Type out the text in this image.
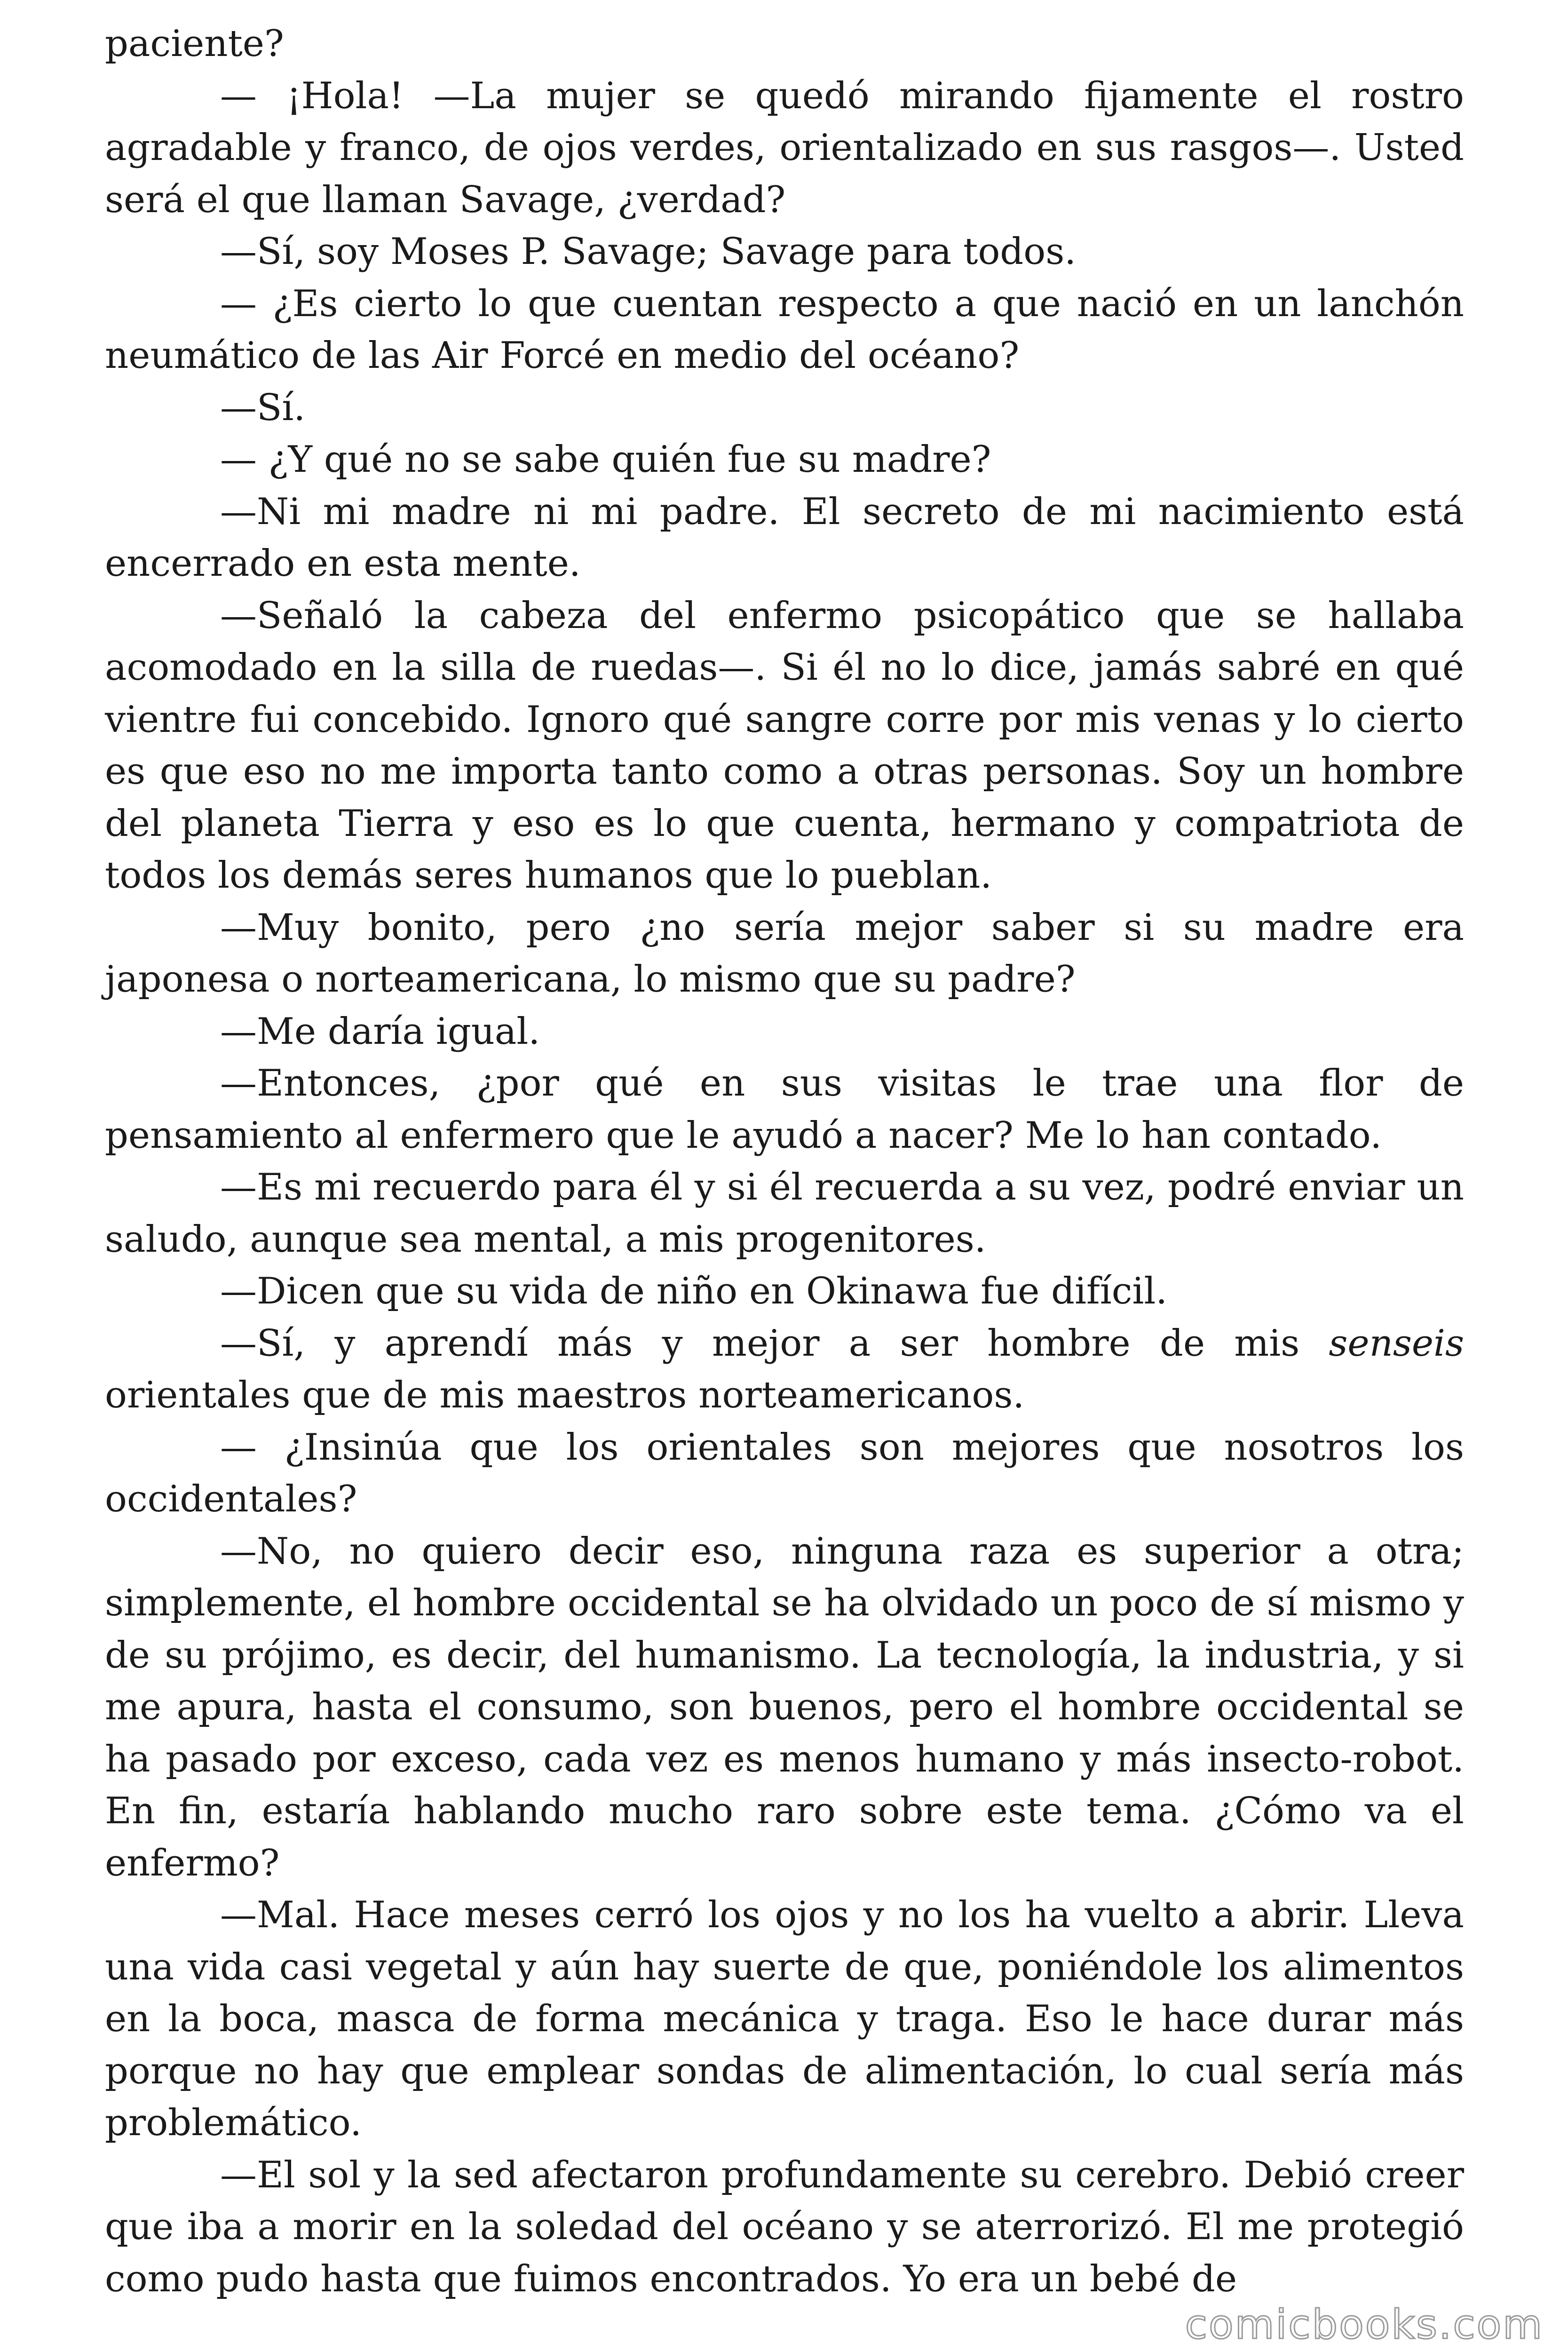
paciente?

— ¡Hola! —La mujer se quedó mirando fijamente el rostro agradable y franco, de ojos verdes, orientalizado en sus rasgos—. Usted será el que llaman Savage, ¿verdad?

—Sí, soy Moses P. Savage; Savage para todos.

— ¿Es cierto lo que cuentan respecto a que nació en un lanchón neumático de las Air Forcé en medio del océano?

—Sí.

— ¿Y qué no se sabe quién fue su madre?

—Ni mi madre ni mi padre. El secreto de mi nacimiento está encerrado en esta mente.

—Señaló la cabeza del enfermo psicopático que se hallaba acomodado en la silla de ruedas—. Si él no lo dice, jamás sabré en qué vientre fui concebido. Ignoro qué sangre corre por mis venas y lo cierto es que eso no me importa tanto como a otras personas. Soy un hombre del planeta Tierra y eso es lo que cuenta, hermano y compatriota de todos los demás seres humanos que lo pueblan.

—Muy bonito, pero ¿no sería mejor saber si su madre era japonesa o norteamericana, lo mismo que su padre?

—Me daría igual.

—Entonces, ¿por qué en sus visitas le trae una flor de pensamiento al enfermero que le ayudó a nacer? Me lo han contado.

—Es mi recuerdo para él y si él recuerda a su vez, podré enviar un saludo, aunque sea mental, a mis progenitores.

—Dicen que su vida de niño en Okinawa fue difícil.

—Sí, y aprendí más y mejor a ser hombre de mis senseis orientales que de mis maestros norteamericanos.

— ¿Insinúa que los orientales son mejores que nosotros los occidentales?

—No, no quiero decir eso, ninguna raza es superior a otra; simplemente, el hombre occidental se ha olvidado un poco de sí mismo y de su prójimo, es decir, del humanismo. La tecnología, la industria, y si me apura, hasta el consumo, son buenos, pero el hombre occidental se ha pasado por exceso, cada vez es menos humano y más insecto-robot. En fin, estaría hablando mucho raro sobre este tema. ¿Cómo va el enfermo?

—Mal. Hace meses cerró los ojos y no los ha vuelto a abrir. Lleva una vida casi vegetal y aún hay suerte de que, poniéndole los alimentos en la boca, masca de forma mecánica y traga. Eso le hace durar más porque no hay que emplear sondas de alimentación, lo cual sería más problemático.

—El sol y la sed afectaron profundamente su cerebro. Debió creer que iba a morir en la soledad del océano y se aterrorizó. El me protegió como pudo hasta que fuimos encontrados. Yo era un bebé de

comicbooks.com
